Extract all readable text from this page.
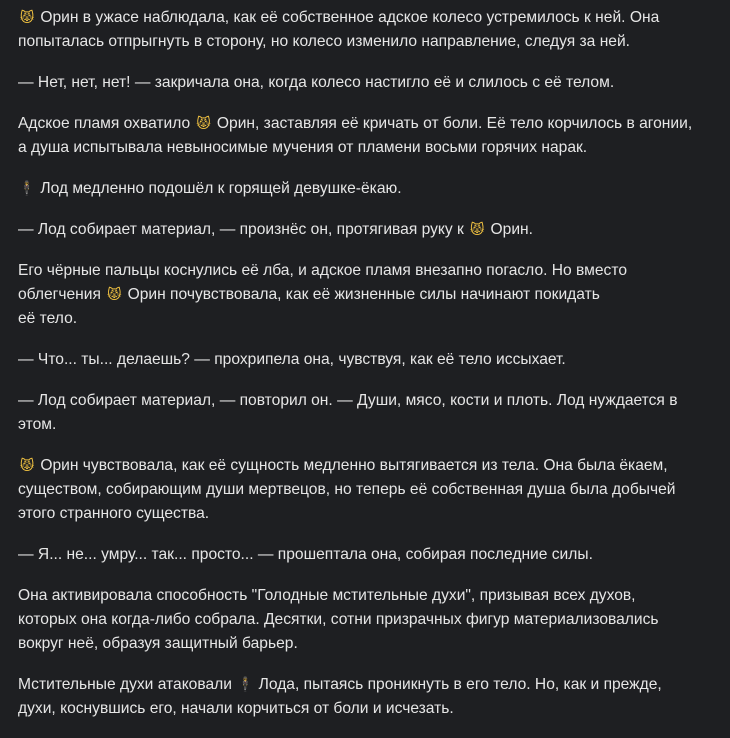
😾 Орин в ужасе наблюдала, как её собственное адское колесо устремилось к ней. Она попыталась отпрыгнуть в сторону, но колесо изменило направление, следуя за ней.

— Нет, нет, нет! — закричала она, когда колесо настигло её и слилось с её телом.

Адское пламя охватило 😾 Орин, заставляя её кричать от боли. Её тело корчилось в агонии, а душа испытывала невыносимые мучения от пламени восьми горячих нарак.

🕴 Лод медленно подошёл к горящей девушке-ёкаю.

— Лод собирает материал, — произнёс он, протягивая руку к 😾 Орин.

Его чёрные пальцы коснулись её лба, и адское пламя внезапно погасло. Но вместо
облегчения 😾 Орин почувствовала, как её жизненные силы начинают покидать
её тело.

— Что... ты... делаешь? — прохрипела она, чувствуя, как её тело иссыхает.

— Лод собирает материал, — повторил он. — Души, мясо, кости и плоть. Лод нуждается в этом.

😾 Орин чувствовала, как её сущность медленно вытягивается из тела. Она была ёкаем, существом, собирающим души мертвецов, но теперь её собственная душа была добычей этого странного существа.

— Я... не... умру... так... просто... — прошептала она, собирая последние силы.

Она активировала способность "Голодные мстительные духи", призывая всех духов, которых она когда-либо собрала. Десятки, сотни призрачных фигур материализовались вокруг неё, образуя защитный барьер.

Мстительные духи атаковали 🕴 Лода, пытаясь проникнуть в его тело. Но, как и прежде, духи, коснувшись его, начали корчиться от боли и исчезать.
